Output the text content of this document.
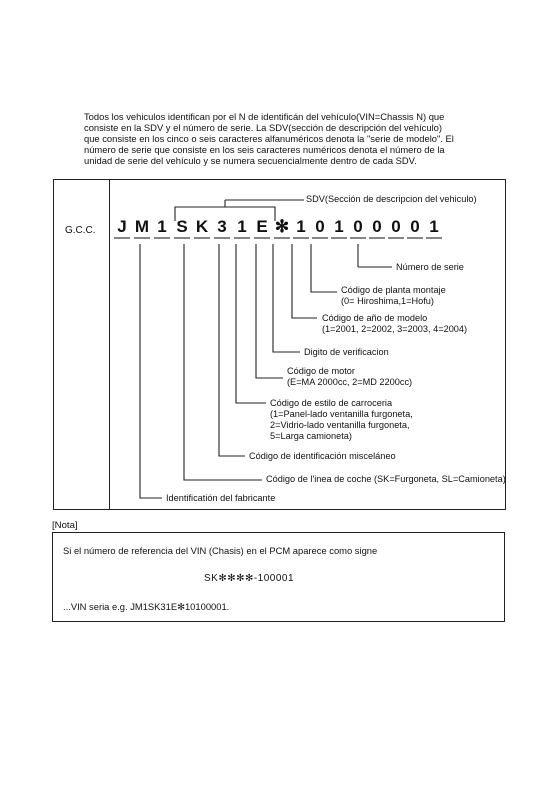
Todos los vehiculos identifican por el N de identificán del vehículo(VIN=Chassis N) que

consiste en la SDV y el número de serie. La SDV(sección de descripción del vehículo)

que consiste en los cinco o seis caracteres alfanuméricos denota la "serie de modelo". El

número de serie que consiste en los seis caracteres numéricos denota el número de la

unidad de serie del vehículo y se numera secuencialmente dentro de cada SDV.

G.C.C.	J M 1 S K 3 1 E ✻ 1 0 1 0 0 0 0 1
SDV(Sección de descripcion del vehiculo)
Número de serie
Código de planta montaje
(0= Hiroshima,1=Hofu)
Código de año de modelo
(1=2001, 2=2002, 3=2003, 4=2004)
Digito de verificacion
Código de motor
(E=MA 2000cc, 2=MD 2200cc)
Código de estilo de carroceria
(1=Panel-lado ventanilla furgoneta,
2=Vidrio-lado ventanilla furgoneta,
5=Larga camioneta)
Código de identificación misceláneo
Código de l'inea de coche (SK=Furgoneta, SL=Camioneta)
Identificatión del fabricante
[Nota]
Si el número de referencia del VIN (Chasis) en el PCM aparece como signe
SK✻✻✻✻-100001
...VIN seria e.g. JM1SK31E✻10100001.
